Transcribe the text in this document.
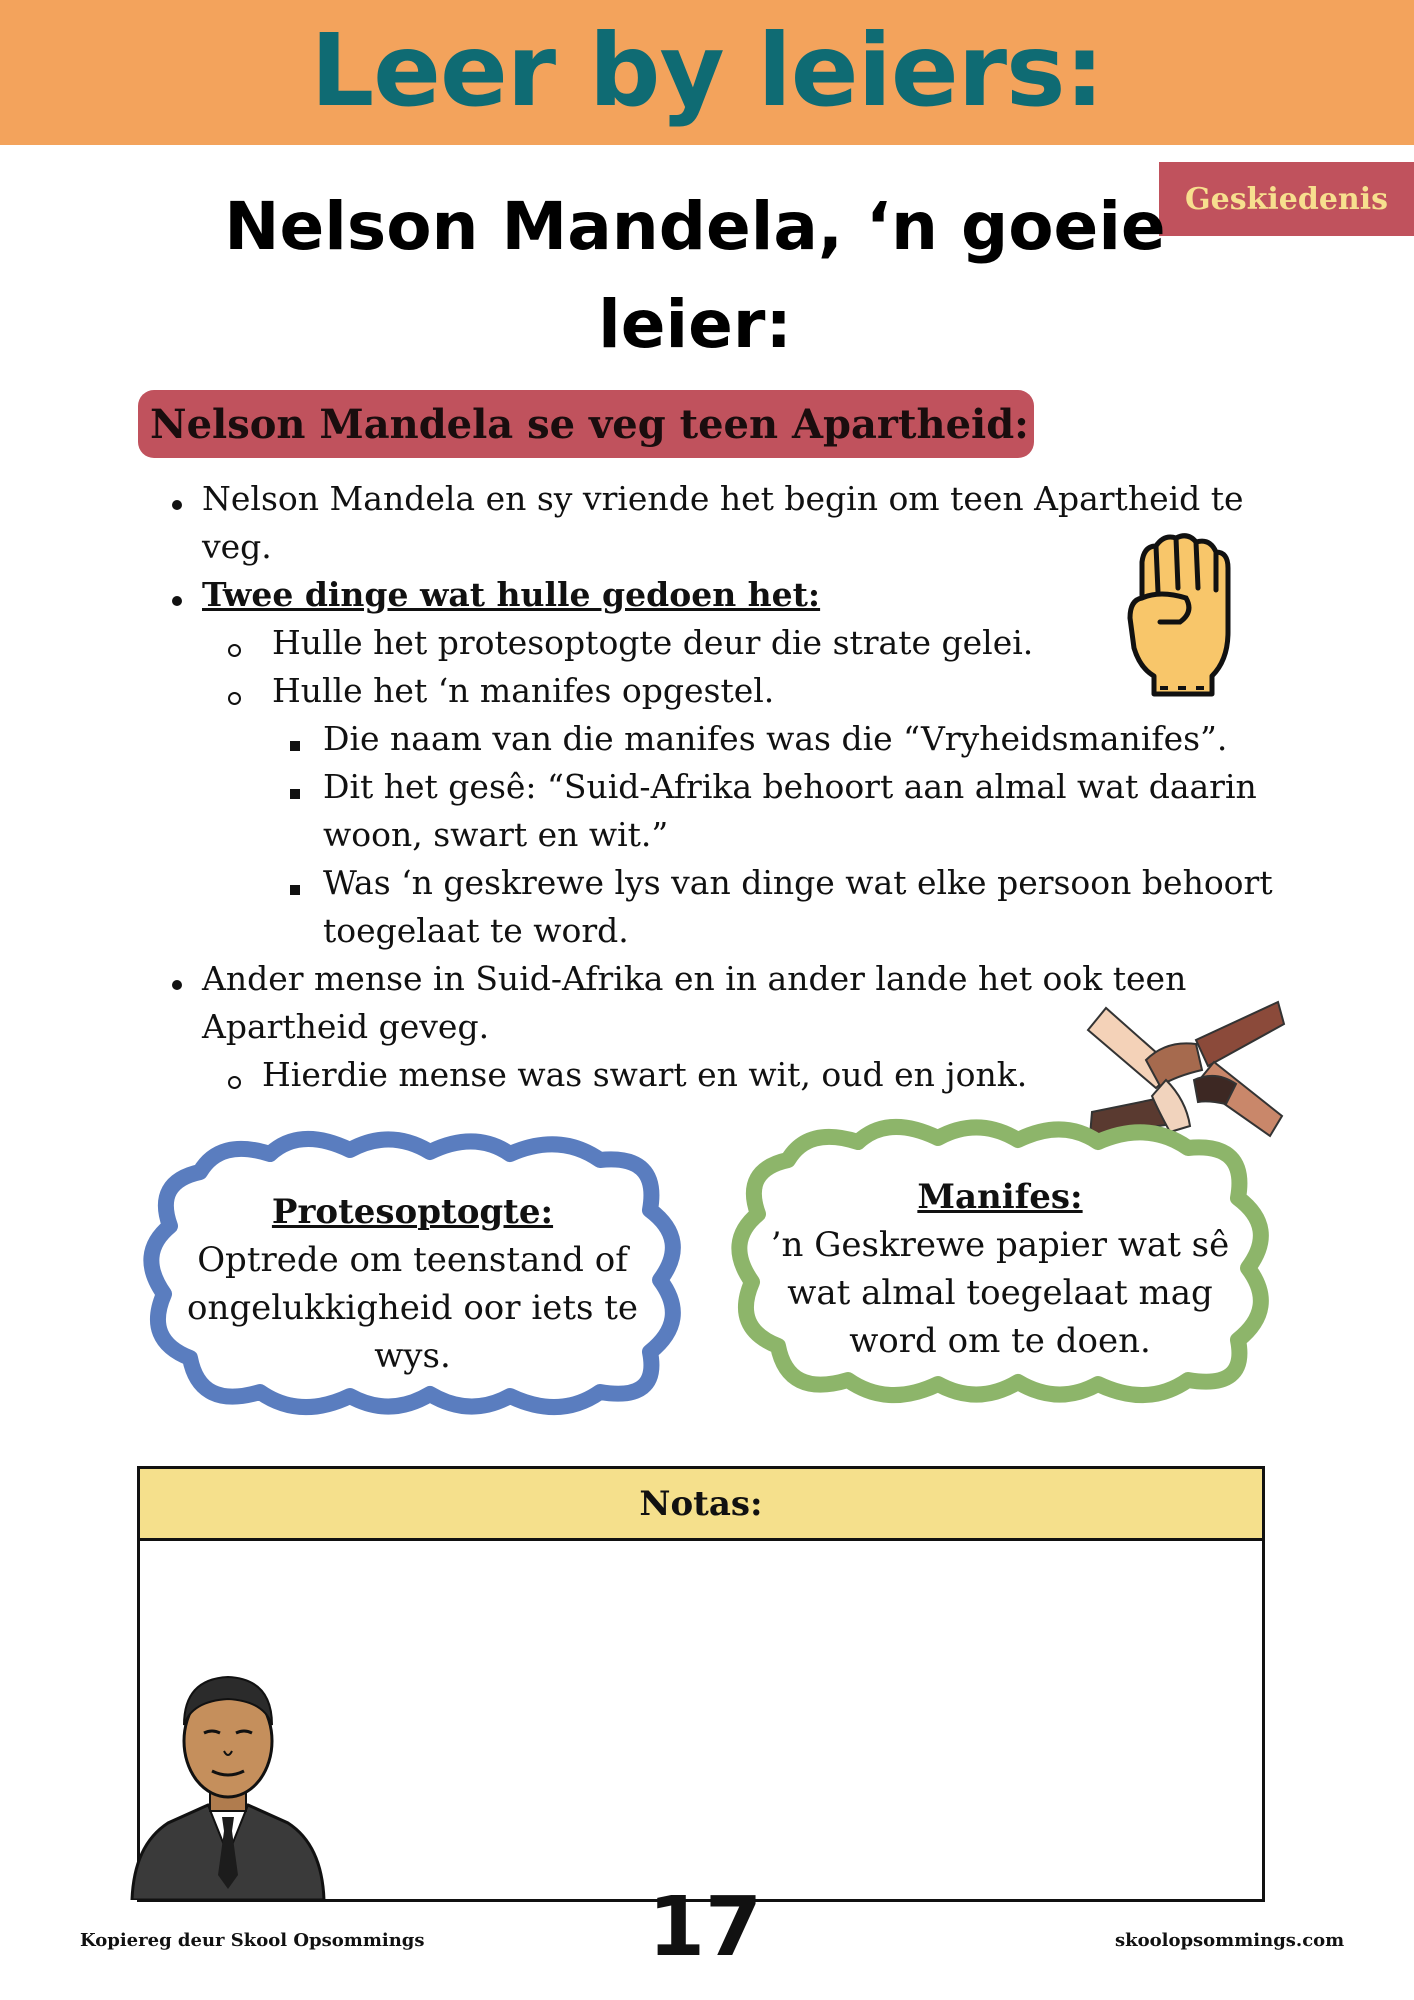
Leer by leiers:
Geskiedenis
Nelson Mandela, ‘n goeie
leier:
Nelson Mandela se veg teen Apartheid:
Nelson Mandela en sy vriende het begin om teen Apartheid te
veg.
Twee dinge wat hulle gedoen het:
Hulle het protesoptogte deur die strate gelei.
Hulle het ‘n manifes opgestel.
Die naam van die manifes was die “Vryheidsmanifes”.
Dit het gesê: “Suid-Afrika behoort aan almal wat daarin
woon, swart en wit.”
Was ‘n geskrewe lys van dinge wat elke persoon behoort
toegelaat te word.
Ander mense in Suid-Afrika en in ander lande het ook teen
Apartheid geveg.
Hierdie mense was swart en wit, oud en jonk.
Protesoptogte:
Optrede om teenstand of
ongelukkigheid oor iets te
wys.
Manifes:
’n Geskrewe papier wat sê
wat almal toegelaat mag
word om te doen.
Notas:
Kopiereg deur Skool Opsommings	17	skoolopsommings.com
